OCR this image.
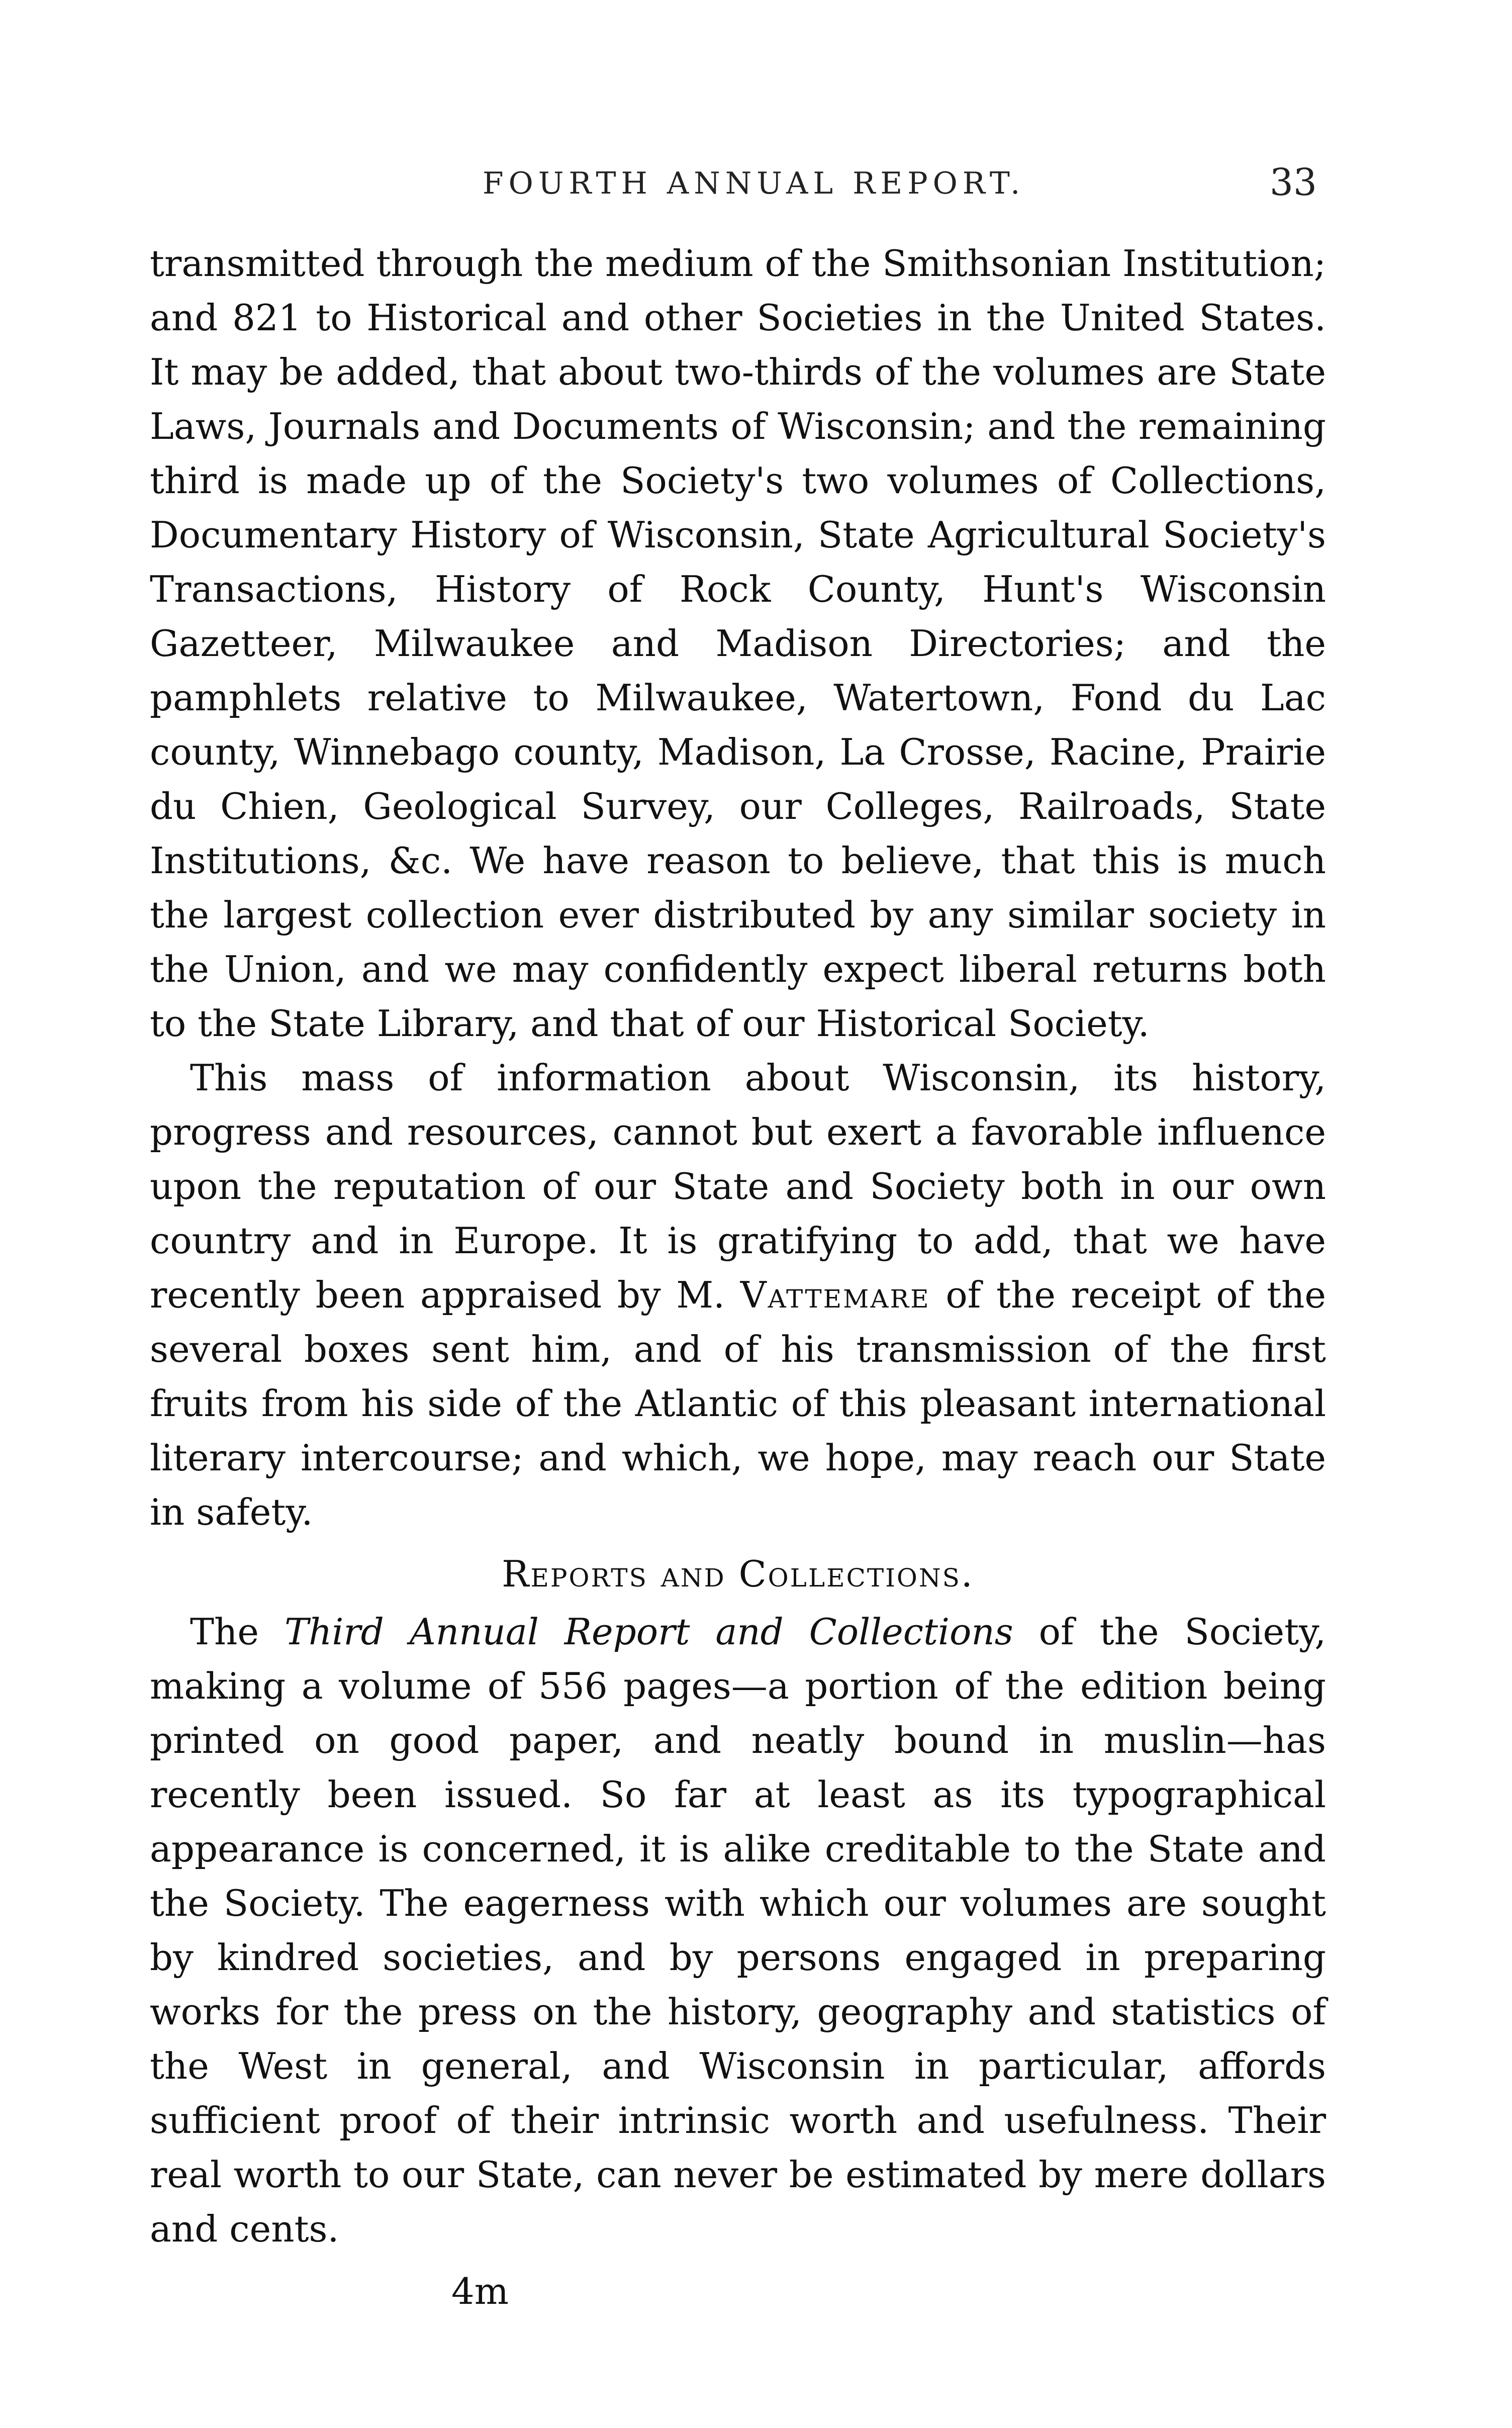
FOURTH ANNUAL REPORT.	33

transmitted through the medium of the Smithsonian Institution; and 821 to Historical and other Societies in the United States. It may be added, that about two-thirds of the volumes are State Laws, Journals and Documents of Wisconsin; and the remaining third is made up of the Society's two volumes of Collections, Documentary History of Wisconsin, State Agricultural Society's Transactions, History of Rock County, Hunt's Wisconsin Gazetteer, Milwaukee and Madison Directories; and the pamphlets relative to Milwaukee, Watertown, Fond du Lac county, Winnebago county, Madison, La Crosse, Racine, Prairie du Chien, Geological Survey, our Colleges, Railroads, State Institutions, &c. We have reason to believe, that this is much the largest collection ever distributed by any similar society in the Union, and we may confidently expect liberal returns both to the State Library, and that of our Historical Society.

This mass of information about Wisconsin, its history, progress and resources, cannot but exert a favorable influence upon the reputation of our State and Society both in our own country and in Europe. It is gratifying to add, that we have recently been appraised by M. Vattemare of the receipt of the several boxes sent him, and of his transmission of the first fruits from his side of the Atlantic of this pleasant international literary intercourse; and which, we hope, may reach our State in safety.

Reports and Collections.

The Third Annual Report and Collections of the Society, making a volume of 556 pages—a portion of the edition being printed on good paper, and neatly bound in muslin—has recently been issued. So far at least as its typographical appearance is concerned, it is alike creditable to the State and the Society. The eagerness with which our volumes are sought by kindred societies, and by persons engaged in preparing works for the press on the history, geography and statistics of the West in general, and Wisconsin in particular, affords sufficient proof of their intrinsic worth and usefulness. Their real worth to our State, can never be estimated by mere dollars and cents.

4m
